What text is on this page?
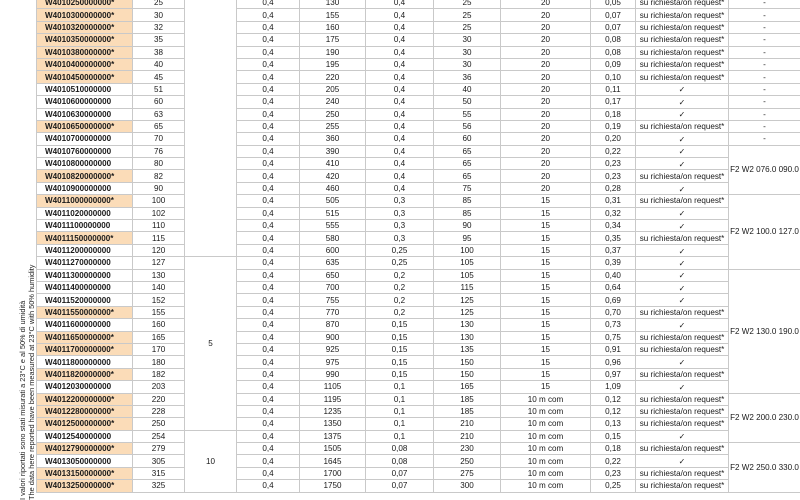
I valori riportati sono stati misurati a 23°C e al 50% di umidità The data here reported have been measured at 23°C with 50% humidity
W4010250000000*	25		0,4	130	0,4	25	20	0,05	su richiesta/on request*	-
W4010300000000*	30		0,4	155	0,4	25	20	0,07	su richiesta/on request*	-
W4010320000000*	32		0,4	160	0,4	25	20	0,07	su richiesta/on request*	-
W4010350000000*	35		0,4	175	0,4	30	20	0,08	su richiesta/on request*	-
W4010380000000*	38		0,4	190	0,4	30	20	0,08	su richiesta/on request*	-
W4010400000000*	40		0,4	195	0,4	30	20	0,09	su richiesta/on request*	-
W4010450000000*	45		0,4	220	0,4	36	20	0,10	su richiesta/on request*	-
W4010510000000	51		0,4	205	0,4	40	20	0,11	✓	-
W4010600000000	60		0,4	240	0,4	50	20	0,17	✓	-
W4010630000000	63		0,4	250	0,4	55	20	0,18	✓	-
W4010650000000*	65		0,4	255	0,4	56	20	0,19	su richiesta/on request*	-
W4010700000000	70		0,4	360	0,4	60	20	0,20	✓	-
W4010760000000	76		0,4	390	0,4	65	20	0,22	✓	F2 W2 076.0 090.0
W4010800000000	80		0,4	410	0,4	65	20	0,23	✓	
W4010820000000*	82		0,4	420	0,4	65	20	0,23	su richiesta/on request*	
W4010900000000	90		0,4	460	0,4	75	20	0,28	✓	
W4011000000000*	100		0,4	505	0,3	85	15	0,31	su richiesta/on request*	F2 W2 100.0 127.0
W4011020000000	102		0,4	515	0,3	85	15	0,32	✓	
W4011100000000	110		0,4	555	0,3	90	15	0,34	✓	
W4011150000000*	115		0,4	580	0,3	95	15	0,35	su richiesta/on request*	
W4011200000000	120		0,4	600	0,25	100	15	0,37	✓	
W4011270000000	127	5	0,4	635	0,25	105	15	0,39	✓	
W4011300000000	130		0,4	650	0,2	105	15	0,40	✓	F2 W2 130.0 190.0
W4011400000000	140		0,4	700	0,2	115	15	0,64	✓	
W4011520000000	152		0,4	755	0,2	125	15	0,69	✓	
W4011550000000*	155		0,4	770	0,2	125	15	0,70	su richiesta/on request*	
W4011600000000	160		0,4	870	0,15	130	15	0,73	✓	
W4011650000000*	165		0,4	900	0,15	130	15	0,75	su richiesta/on request*	
W4011700000000*	170		0,4	925	0,15	135	15	0,91	su richiesta/on request*	
W4011800000000	180		0,4	975	0,15	150	15	0,96	✓	
W4011820000000*	182		0,4	990	0,15	150	15	0,97	su richiesta/on request*	
W4012030000000	203		0,4	1105	0,1	165	15	1,09	✓	
W4012200000000*	220		0,4	1195	0,1	185	10 m com	0,12	su richiesta/on request*	F2 W2 200.0 230.0
W4012280000000*	228		0,4	1235	0,1	185	10 m com	0,12	su richiesta/on request*	
W4012500000000*	250		0,4	1350	0,1	210	10 m com	0,13	su richiesta/on request*	
W4012540000000	254	10	0,4	1375	0,1	210	10 m com	0,15	✓	
W4012790000000*	279		0,4	1505	0,08	230	10 m com	0,18	su richiesta/on request*	F2 W2 250.0 330.0
W4013050000000	305		0,4	1645	0,08	250	10 m com	0,22	✓	
W4013150000000*	315		0,4	1700	0,07	275	10 m com	0,23	su richiesta/on request*	
W4013250000000*	325		0,4	1750	0,07	300	10 m com	0,25	su richiesta/on request*	
